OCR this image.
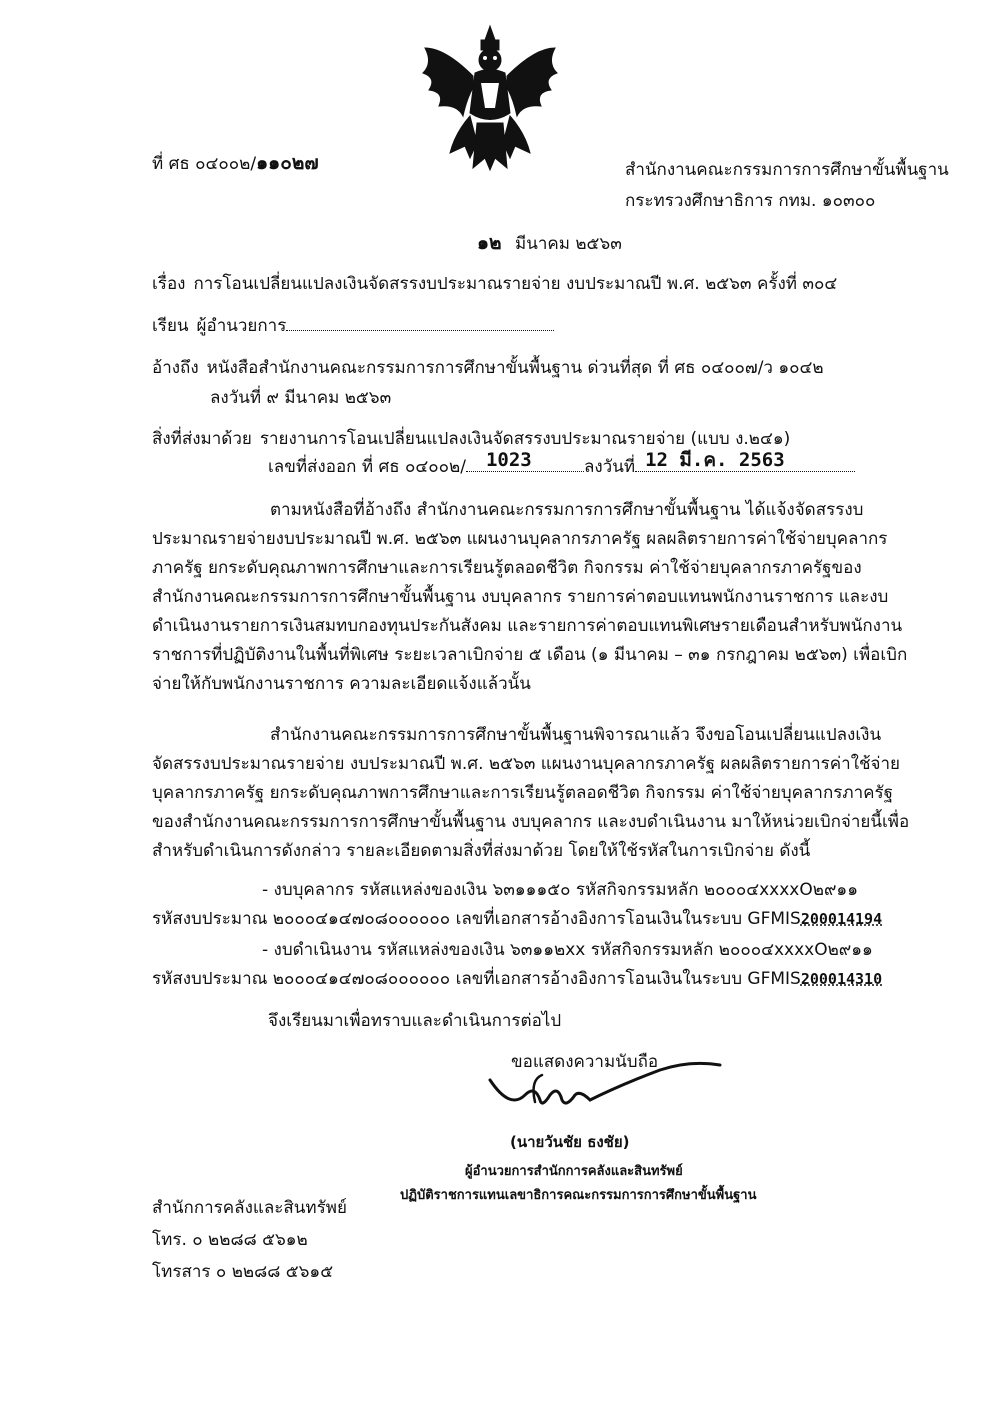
ที่ ศธ ๐๔๐๐๒/๑๑๐๒๗	สำนักงานคณะกรรมการการศึกษาขั้นพื้นฐาน
กระทรวงศึกษาธิการ กทม. ๑๐๓๐๐
๑๒ มีนาคม ๒๕๖๓
เรื่อง การโอนเปลี่ยนแปลงเงินจัดสรรงบประมาณรายจ่าย งบประมาณปี พ.ศ. ๒๕๖๓ ครั้งที่ ๓๐๔
เรียน ผู้อำนวยการ
อ้างถึง หนังสือสำนักงานคณะกรรมการการศึกษาขั้นพื้นฐาน ด่วนที่สุด ที่ ศธ ๐๔๐๐๗/ว ๑๐๔๒
ลงวันที่ ๙ มีนาคม ๒๕๖๓
สิ่งที่ส่งมาด้วย รายงานการโอนเปลี่ยนแปลงเงินจัดสรรงบประมาณรายจ่าย (แบบ ง.๒๔๑)
เลขที่ส่งออก ที่ ศธ ๐๔๐๐๒/ 1023	ลงวันที่ 12 มี.ค. 2563

ตามหนังสือที่อ้างถึง สำนักงานคณะกรรมการการศึกษาขั้นพื้นฐาน ได้แจ้งจัดสรรงบประมาณรายจ่ายงบประมาณปี พ.ศ. ๒๕๖๓ แผนงานบุคลากรภาครัฐ ผลผลิตรายการค่าใช้จ่ายบุคลากรภาครัฐ ยกระดับคุณภาพการศึกษาและการเรียนรู้ตลอดชีวิต กิจกรรม ค่าใช้จ่ายบุคลากรภาครัฐของสำนักงานคณะกรรมการการศึกษาขั้นพื้นฐาน งบบุคลากร รายการค่าตอบแทนพนักงานราชการ และงบดำเนินงานรายการเงินสมทบกองทุนประกันสังคม และรายการค่าตอบแทนพิเศษรายเดือนสำหรับพนักงานราชการที่ปฏิบัติงานในพื้นที่พิเศษ ระยะเวลาเบิกจ่าย ๕ เดือน (๑ มีนาคม – ๓๑ กรกฎาคม ๒๕๖๓) เพื่อเบิกจ่ายให้กับพนักงานราชการ ความละเอียดแจ้งแล้วนั้น

สำนักงานคณะกรรมการการศึกษาขั้นพื้นฐานพิจารณาแล้ว จึงขอโอนเปลี่ยนแปลงเงินจัดสรรงบประมาณรายจ่าย งบประมาณปี พ.ศ. ๒๕๖๓ แผนงานบุคลากรภาครัฐ ผลผลิตรายการค่าใช้จ่ายบุคลากรภาครัฐ ยกระดับคุณภาพการศึกษาและการเรียนรู้ตลอดชีวิต กิจกรรม ค่าใช้จ่ายบุคลากรภาครัฐของสำนักงานคณะกรรมการการศึกษาขั้นพื้นฐาน งบบุคลากร และงบดำเนินงาน มาให้หน่วยเบิกจ่ายนี้เพื่อสำหรับดำเนินการดังกล่าว รายละเอียดตามสิ่งที่ส่งมาด้วย โดยให้ใช้รหัสในการเบิกจ่าย ดังนี้

- งบบุคลากร รหัสแหล่งของเงิน ๖๓๑๑๑๕๐ รหัสกิจกรรมหลัก ๒๐๐๐๔xxxxO๒๙๑๑
รหัสงบประมาณ ๒๐๐๐๔๑๔๗๐๘๐๐๐๐๐๐ เลขที่เอกสารอ้างอิงการโอนเงินในระบบ GFMIS200014194
- งบดำเนินงาน รหัสแหล่งของเงิน ๖๓๑๑๒xx รหัสกิจกรรมหลัก ๒๐๐๐๔xxxxO๒๙๑๑
รหัสงบประมาณ ๒๐๐๐๔๑๔๗๐๘๐๐๐๐๐๐ เลขที่เอกสารอ้างอิงการโอนเงินในระบบ GFMIS200014310
จึงเรียนมาเพื่อทราบและดำเนินการต่อไป
ขอแสดงความนับถือ
(นายวันชัย ธงชัย)
ผู้อำนวยการสำนักการคลังและสินทรัพย์
ปฏิบัติราชการแทนเลขาธิการคณะกรรมการการศึกษาขั้นพื้นฐาน
สำนักการคลังและสินทรัพย์
โทร. ๐ ๒๒๘๘ ๕๖๑๒
โทรสาร ๐ ๒๒๘๘ ๕๖๑๕
